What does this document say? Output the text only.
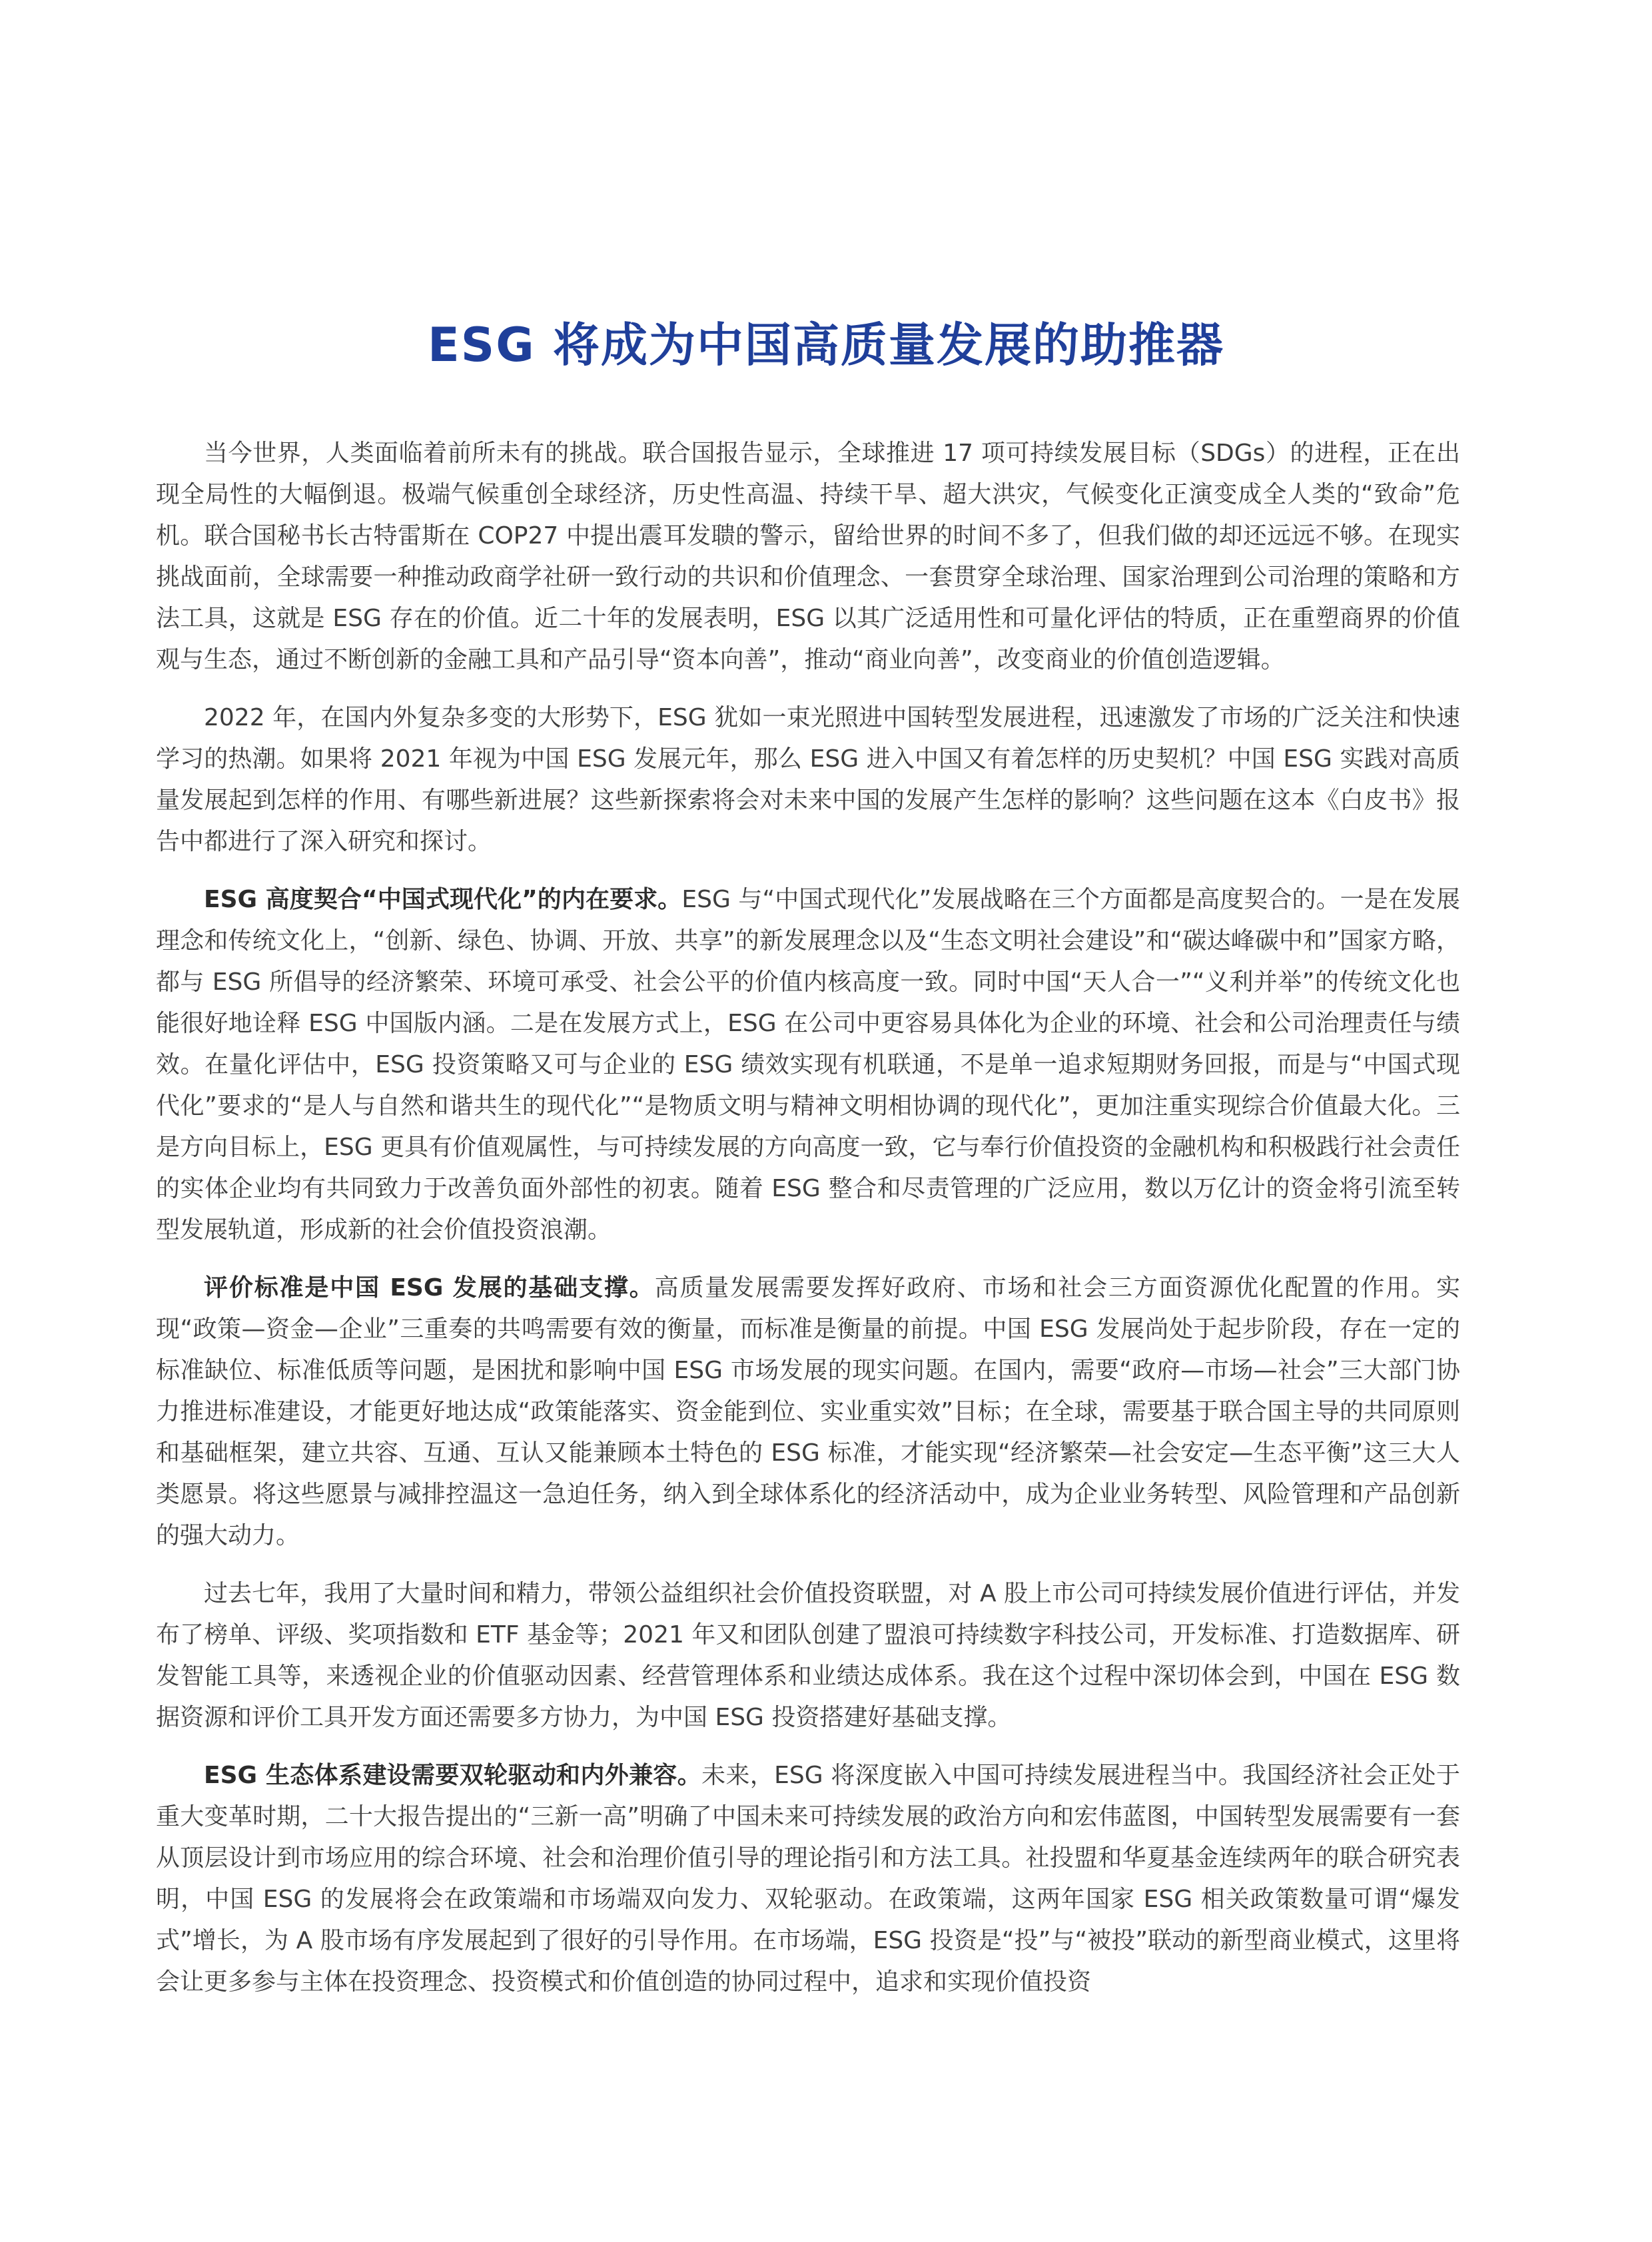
ESG 将成为中国高质量发展的助推器

当今世界，人类面临着前所未有的挑战。联合国报告显示，全球推进 17 项可持续发展目标（SDGs）的进程，正在出现全局性的大幅倒退。极端气候重创全球经济，历史性高温、持续干旱、超大洪灾，气候变化正演变成全人类的“致命”危机。联合国秘书长古特雷斯在 COP27 中提出震耳发聩的警示，留给世界的时间不多了，但我们做的却还远远不够。在现实挑战面前，全球需要一种推动政商学社研一致行动的共识和价值理念、一套贯穿全球治理、国家治理到公司治理的策略和方法工具，这就是 ESG 存在的价值。近二十年的发展表明，ESG 以其广泛适用性和可量化评估的特质，正在重塑商界的价值观与生态，通过不断创新的金融工具和产品引导“资本向善”，推动“商业向善”，改变商业的价值创造逻辑。

2022 年，在国内外复杂多变的大形势下，ESG 犹如一束光照进中国转型发展进程，迅速激发了市场的广泛关注和快速学习的热潮。如果将 2021 年视为中国 ESG 发展元年，那么 ESG 进入中国又有着怎样的历史契机？中国 ESG 实践对高质量发展起到怎样的作用、有哪些新进展？这些新探索将会对未来中国的发展产生怎样的影响？这些问题在这本《白皮书》报告中都进行了深入研究和探讨。

ESG 高度契合“中国式现代化”的内在要求。ESG 与“中国式现代化”发展战略在三个方面都是高度契合的。一是在发展理念和传统文化上，“创新、绿色、协调、开放、共享”的新发展理念以及“生态文明社会建设”和“碳达峰碳中和”国家方略，都与 ESG 所倡导的经济繁荣、环境可承受、社会公平的价值内核高度一致。同时中国“天人合一”“义利并举”的传统文化也能很好地诠释 ESG 中国版内涵。二是在发展方式上，ESG 在公司中更容易具体化为企业的环境、社会和公司治理责任与绩效。在量化评估中，ESG 投资策略又可与企业的 ESG 绩效实现有机联通，不是单一追求短期财务回报，而是与“中国式现代化”要求的“是人与自然和谐共生的现代化”“是物质文明与精神文明相协调的现代化”，更加注重实现综合价值最大化。三是方向目标上，ESG 更具有价值观属性，与可持续发展的方向高度一致，它与奉行价值投资的金融机构和积极践行社会责任的实体企业均有共同致力于改善负面外部性的初衷。随着 ESG 整合和尽责管理的广泛应用，数以万亿计的资金将引流至转型发展轨道，形成新的社会价值投资浪潮。

评价标准是中国 ESG 发展的基础支撑。高质量发展需要发挥好政府、市场和社会三方面资源优化配置的作用。实现“政策—资金—企业”三重奏的共鸣需要有效的衡量，而标准是衡量的前提。中国 ESG 发展尚处于起步阶段，存在一定的标准缺位、标准低质等问题，是困扰和影响中国 ESG 市场发展的现实问题。在国内，需要“政府—市场—社会”三大部门协力推进标准建设，才能更好地达成“政策能落实、资金能到位、实业重实效”目标；在全球，需要基于联合国主导的共同原则和基础框架，建立共容、互通、互认又能兼顾本土特色的 ESG 标准，才能实现“经济繁荣—社会安定—生态平衡”这三大人类愿景。将这些愿景与减排控温这一急迫任务，纳入到全球体系化的经济活动中，成为企业业务转型、风险管理和产品创新的强大动力。

过去七年，我用了大量时间和精力，带领公益组织社会价值投资联盟，对 A 股上市公司可持续发展价值进行评估，并发布了榜单、评级、奖项指数和 ETF 基金等；2021 年又和团队创建了盟浪可持续数字科技公司，开发标准、打造数据库、研发智能工具等，来透视企业的价值驱动因素、经营管理体系和业绩达成体系。我在这个过程中深切体会到，中国在 ESG 数据资源和评价工具开发方面还需要多方协力，为中国 ESG 投资搭建好基础支撑。

ESG 生态体系建设需要双轮驱动和内外兼容。未来，ESG 将深度嵌入中国可持续发展进程当中。我国经济社会正处于重大变革时期，二十大报告提出的“三新一高”明确了中国未来可持续发展的政治方向和宏伟蓝图，中国转型发展需要有一套从顶层设计到市场应用的综合环境、社会和治理价值引导的理论指引和方法工具。社投盟和华夏基金连续两年的联合研究表明，中国 ESG 的发展将会在政策端和市场端双向发力、双轮驱动。在政策端，这两年国家 ESG 相关政策数量可谓“爆发式”增长，为 A 股市场有序发展起到了很好的引导作用。在市场端，ESG 投资是“投”与“被投”联动的新型商业模式，这里将会让更多参与主体在投资理念、投资模式和价值创造的协同过程中，追求和实现价值投资
